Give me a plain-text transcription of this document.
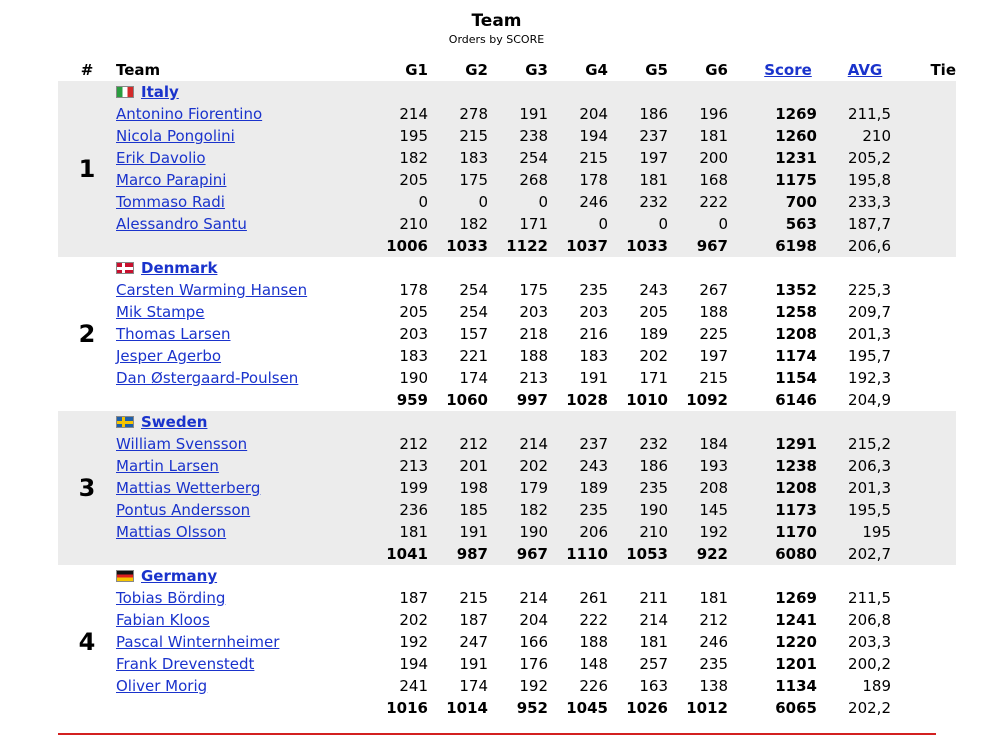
Team
Orders by SCORE
#	Team	G1	G2	G3	G4	G5	G6	Score	AVG	Tie
1	Italy									
	Antonino Fiorentino	214	278	191	204	186	196	1269	211,5	
	Nicola Pongolini	195	215	238	194	237	181	1260	210	
	Erik Davolio	182	183	254	215	197	200	1231	205,2	
	Marco Parapini	205	175	268	178	181	168	1175	195,8	
	Tommaso Radi	0	0	0	246	232	222	700	233,3	
	Alessandro Santu	210	182	171	0	0	0	563	187,7	
		1006	1033	1122	1037	1033	967	6198	206,6	
2	Denmark									
	Carsten Warming Hansen	178	254	175	235	243	267	1352	225,3	
	Mik Stampe	205	254	203	203	205	188	1258	209,7	
	Thomas Larsen	203	157	218	216	189	225	1208	201,3	
	Jesper Agerbo	183	221	188	183	202	197	1174	195,7	
	Dan Østergaard-Poulsen	190	174	213	191	171	215	1154	192,3	
		959	1060	997	1028	1010	1092	6146	204,9	
3	Sweden									
	William Svensson	212	212	214	237	232	184	1291	215,2	
	Martin Larsen	213	201	202	243	186	193	1238	206,3	
	Mattias Wetterberg	199	198	179	189	235	208	1208	201,3	
	Pontus Andersson	236	185	182	235	190	145	1173	195,5	
	Mattias Olsson	181	191	190	206	210	192	1170	195	
		1041	987	967	1110	1053	922	6080	202,7	
4	Germany									
	Tobias Börding	187	215	214	261	211	181	1269	211,5	
	Fabian Kloos	202	187	204	222	214	212	1241	206,8	
	Pascal Winternheimer	192	247	166	188	181	246	1220	203,3	
	Frank Drevenstedt	194	191	176	148	257	235	1201	200,2	
	Oliver Morig	241	174	192	226	163	138	1134	189	
		1016	1014	952	1045	1026	1012	6065	202,2	
